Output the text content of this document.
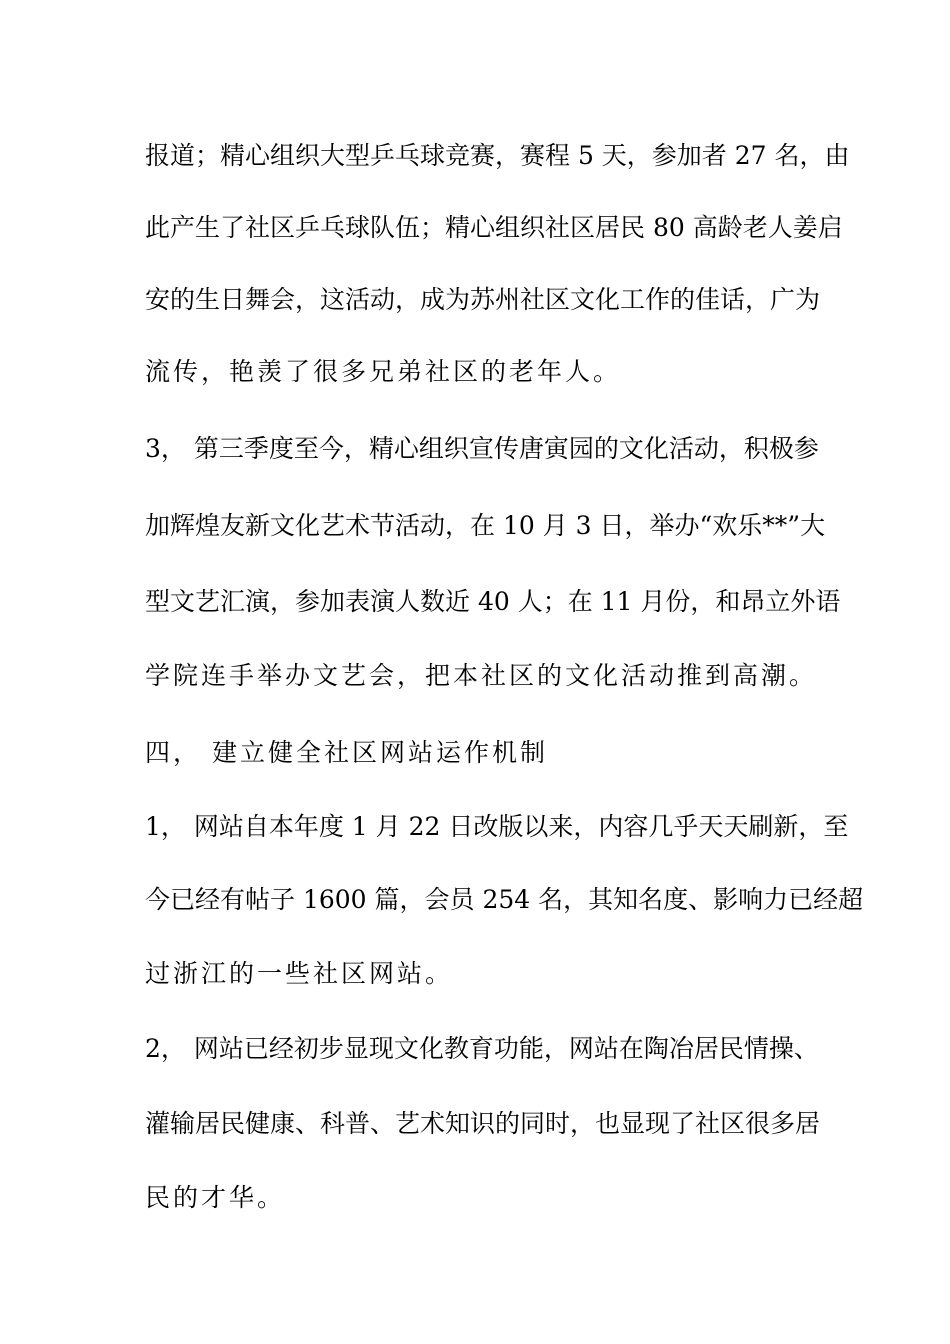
报道；精心组织大型乒乓球竞赛，赛程 5 天，参加者 27 名，由
此产生了社区乒乓球队伍；精心组织社区居民 80 高龄老人姜启
安的生日舞会，这活动，成为苏州社区文化工作的佳话，广为
流传，艳羡了很多兄弟社区的老年人。
3， 第三季度至今，精心组织宣传唐寅园的文化活动，积极参
加辉煌友新文化艺术节活动，在 10 月 3 日，举办“欢乐**”大
型文艺汇演，参加表演人数近 40 人；在 11 月份，和昂立外语
学院连手举办文艺会，把本社区的文化活动推到高潮。
四， 建立健全社区网站运作机制
1， 网站自本年度 1 月 22 日改版以来，内容几乎天天刷新，至
今已经有帖子 1600 篇，会员 254 名，其知名度、影响力已经超
过浙江的一些社区网站。
2， 网站已经初步显现文化教育功能，网站在陶冶居民情操、
灌输居民健康、科普、艺术知识的同时，也显现了社区很多居
民的才华。
